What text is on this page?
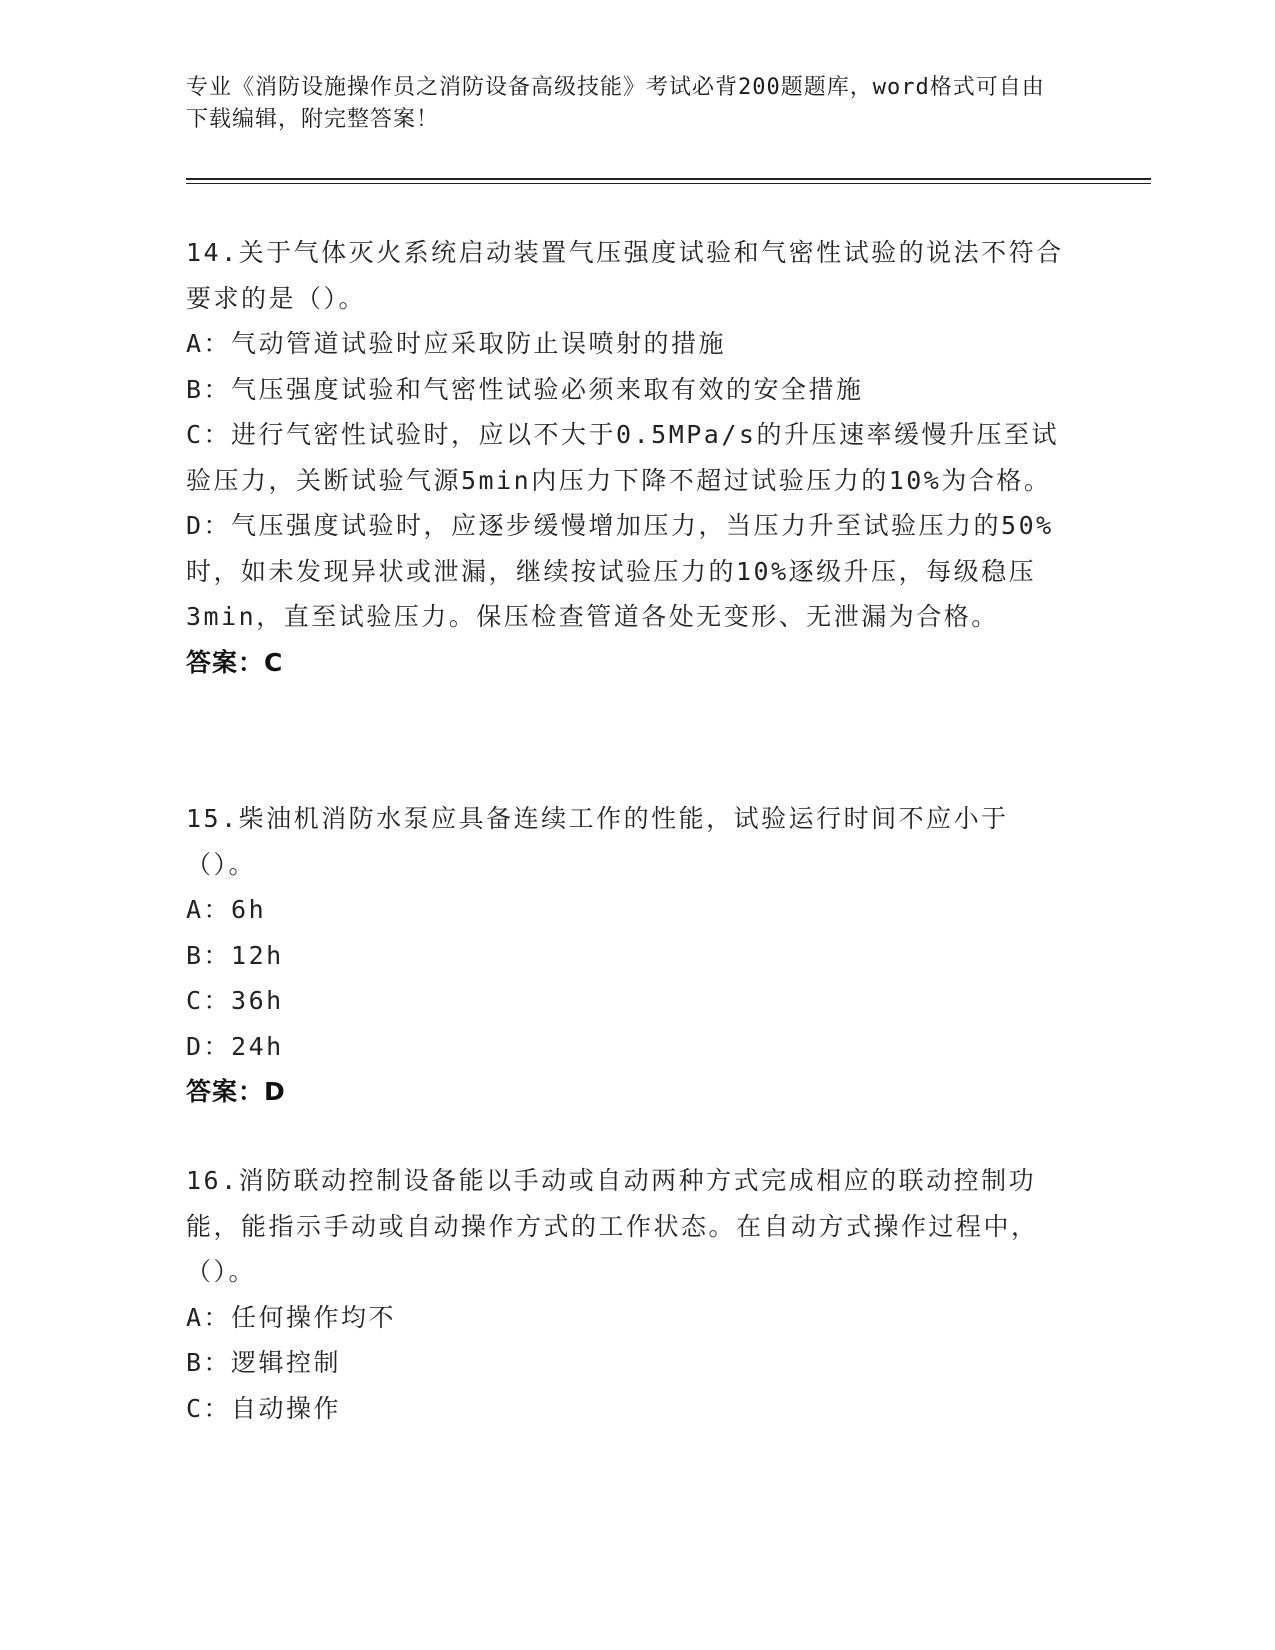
专业《消防设施操作员之消防设备高级技能》考试必背200题题库，word格式可自由下载编辑，附完整答案！

14.关于气体灭火系统启动装置气压强度试验和气密性试验的说法不符合要求的是（）。

A：气动管道试验时应采取防止误喷射的措施

B：气压强度试验和气密性试验必须来取有效的安全措施

C：进行气密性试验时，应以不大于0.5MPa/s的升压速率缓慢升压至试验压力，关断试验气源5min内压力下降不超过试验压力的10%为合格。

D：气压强度试验时，应逐步缓慢增加压力，当压力升至试验压力的50%时，如未发现异状或泄漏，继续按试验压力的10%逐级升压，每级稳压3min，直至试验压力。保压检查管道各处无变形、无泄漏为合格。

答案：C

15.柴油机消防水泵应具备连续工作的性能，试验运行时间不应小于（）。

A：6h

B：12h

C：36h

D：24h

答案：D

16.消防联动控制设备能以手动或自动两种方式完成相应的联动控制功能，能指示手动或自动操作方式的工作状态。在自动方式操作过程中，（）。

A：任何操作均不

B：逻辑控制

C：自动操作
